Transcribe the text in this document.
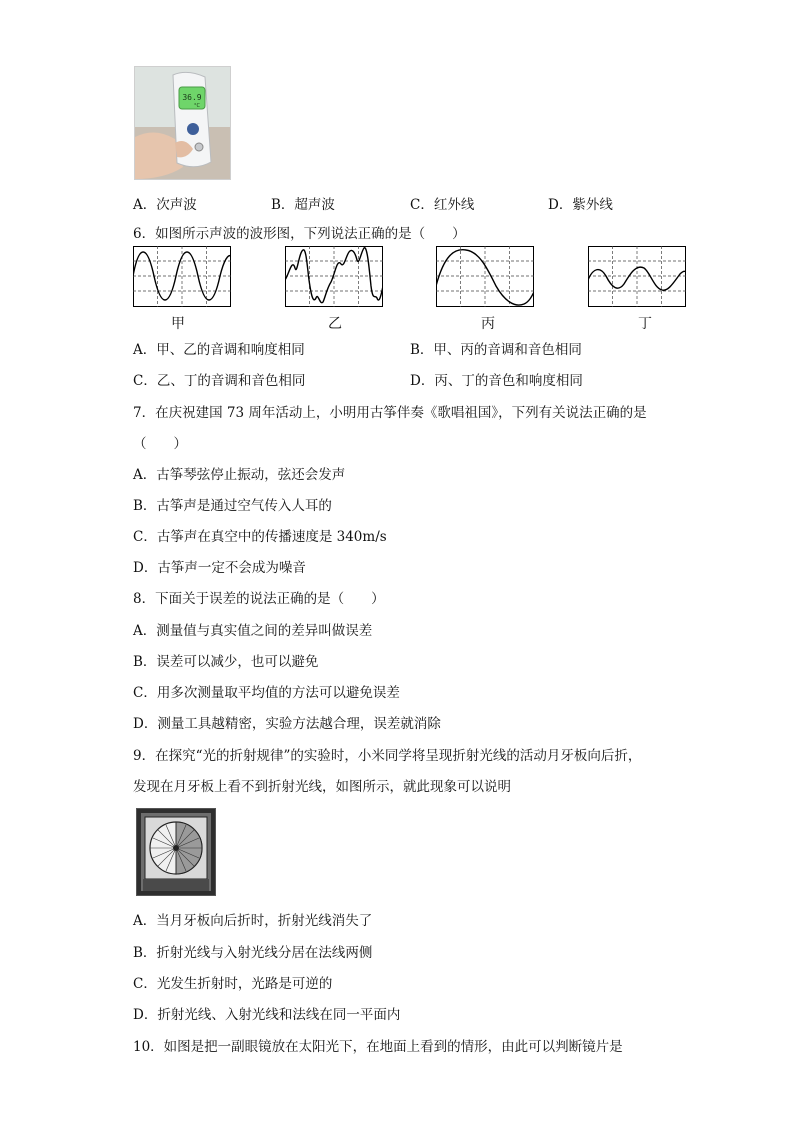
36.9
°C
A．次声波	B．超声波	C．红外线	D．紫外线
6．如图所示声波的波形图，下列说法正确的是（　　）
甲	乙	丙	丁
A．甲、乙的音调和响度相同	B．甲、丙的音调和音色相同
C．乙、丁的音调和音色相同	D．丙、丁的音色和响度相同
7．在庆祝建国 73 周年活动上，小明用古筝伴奏《歌唱祖国》，下列有关说法正确的是
（　　）
A．古筝琴弦停止振动，弦还会发声
B．古筝声是通过空气传入人耳的
C．古筝声在真空中的传播速度是 340m/s
D．古筝声一定不会成为噪音
8．下面关于误差的说法正确的是（　　）
A．测量值与真实值之间的差异叫做误差
B．误差可以减少，也可以避免
C．用多次测量取平均值的方法可以避免误差
D．测量工具越精密，实验方法越合理，误差就消除
9．在探究“光的折射规律”的实验时，小米同学将呈现折射光线的活动月牙板向后折，
发现在月牙板上看不到折射光线，如图所示，就此现象可以说明
A．当月牙板向后折时，折射光线消失了
B．折射光线与入射光线分居在法线两侧
C．光发生折射时，光路是可逆的
D．折射光线、入射光线和法线在同一平面内
10．如图是把一副眼镜放在太阳光下，在地面上看到的情形，由此可以判断镜片是
